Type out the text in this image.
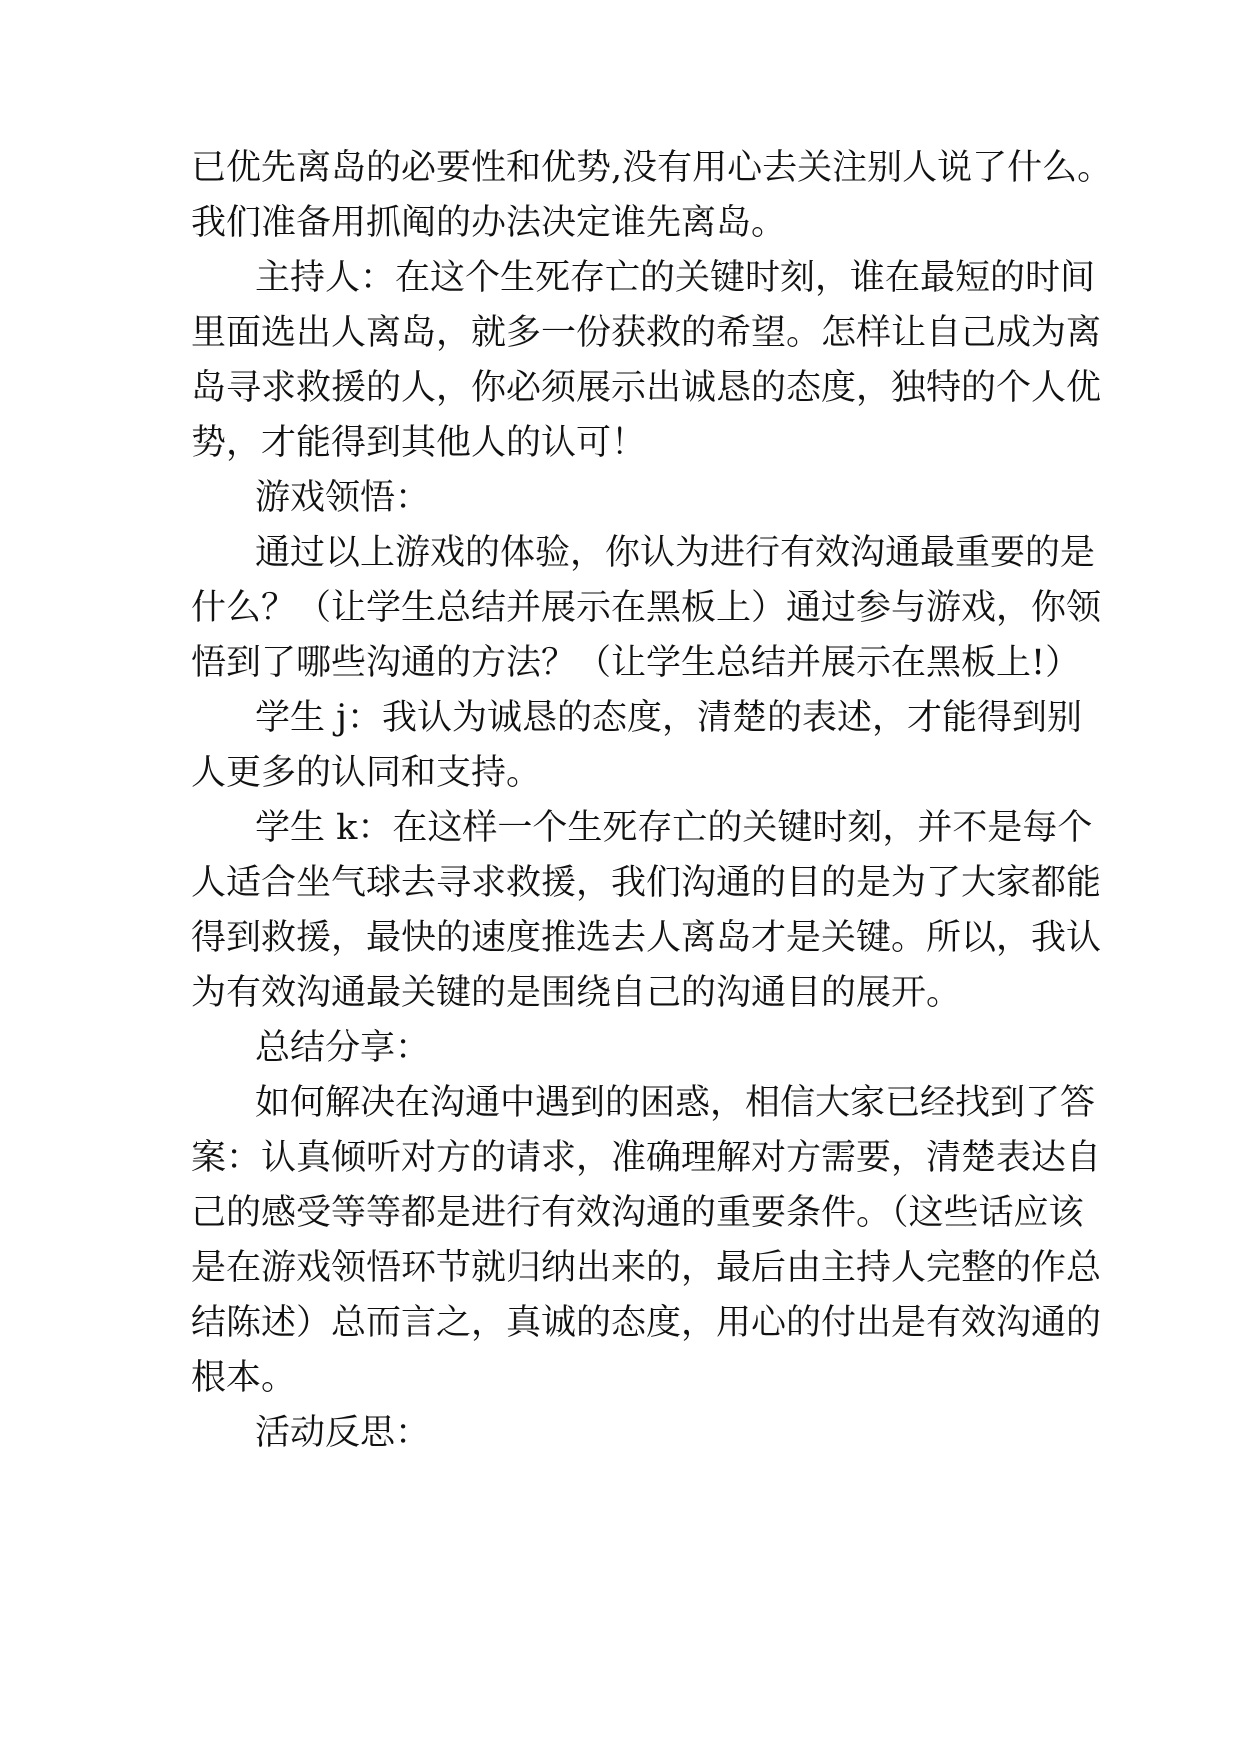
已优先离岛的必要性和优势,没有用心去关注别人说了什么。
我们准备用抓阄的办法决定谁先离岛。
主持人：在这个生死存亡的关键时刻，谁在最短的时间
里面选出人离岛，就多一份获救的希望。怎样让自己成为离
岛寻求救援的人，你必须展示出诚恳的态度，独特的个人优
势，才能得到其他人的认可！
游戏领悟：
通过以上游戏的体验，你认为进行有效沟通最重要的是
什么？（让学生总结并展示在黑板上）通过参与游戏，你领
悟到了哪些沟通的方法？（让学生总结并展示在黑板上!）
学生 j：我认为诚恳的态度，清楚的表述，才能得到别
人更多的认同和支持。
学生 k：在这样一个生死存亡的关键时刻，并不是每个
人适合坐气球去寻求救援，我们沟通的目的是为了大家都能
得到救援，最快的速度推选去人离岛才是关键。所以，我认
为有效沟通最关键的是围绕自己的沟通目的展开。
总结分享：
如何解决在沟通中遇到的困惑，相信大家已经找到了答
案：认真倾听对方的请求，准确理解对方需要，清楚表达自
己的感受等等都是进行有效沟通的重要条件。（这些话应该
是在游戏领悟环节就归纳出来的，最后由主持人完整的作总
结陈述）总而言之，真诚的态度，用心的付出是有效沟通的
根本。
活动反思：
